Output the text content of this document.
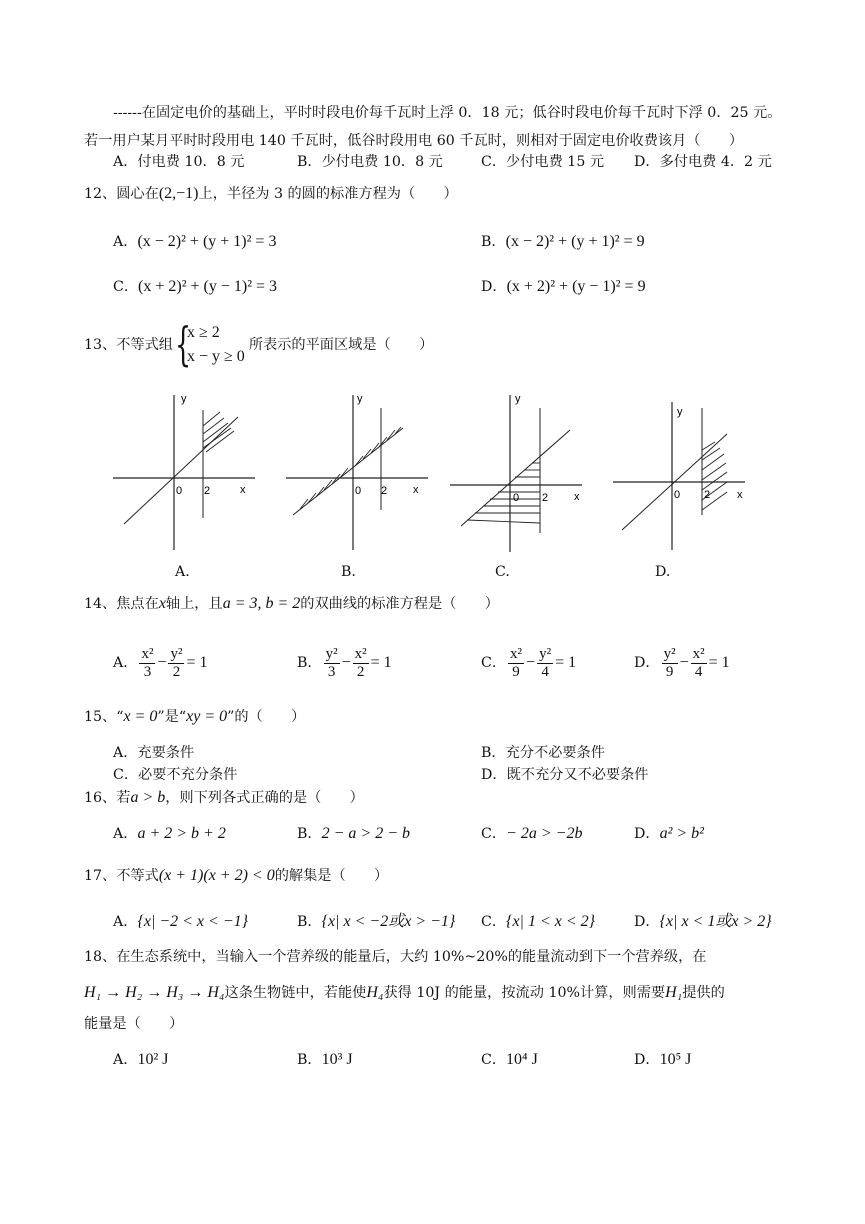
------在固定电价的基础上，平时时段电价每千瓦时上浮 0．18 元；低谷时段电价每千瓦时下浮 0．25 元。
若一用户某月平时时段用电 140 千瓦时，低谷时段用电 60 千瓦时，则相对于固定电价收费该月（　　）
A．付电费 10．8 元	B．少付电费 10．8 元	C．少付电费 15 元 D．多付电费 4．2 元
12、圆心在(2,−1)上，半径为 3 的圆的标准方程为（　　）
A．(x − 2)² + (y + 1)² = 3	B．(x − 2)² + (y + 1)² = 9
C．(x + 2)² + (y − 1)² = 3	D．(x + 2)² + (y − 1)² = 9
13、不等式组 {
x ≥ 2
x − y ≥ 0
所表示的平面区域是（　　）
y
x
0 2
y
x
0 2
y
x
0 2
y
x
0 2
A.	B.	C.	D.
14、焦点在x轴上，且a = 3, b = 2的双曲线的标准方程是（　　）
A． $\frac{\text{x²}}{3} - \frac{\text{y²}}{2} = 1$	B． $\frac{\text{y²}}{3} - \frac{\text{x²}}{2} = 1$	C． $\frac{\text{x²}}{9} - \frac{\text{y²}}{4} = 1$	D． $\frac{\text{y²}}{9} - \frac{\text{x²}}{4} = 1$
15、“x = 0”是“xy = 0”的（　　）
A．充要条件	B．充分不必要条件
C．必要不充分条件	D．既不充分又不必要条件
16、若a > b，则下列各式正确的是（　　）
A．a + 2 > b + 2	B．2 − a > 2 − b	C．− 2a > −2b	D．a² > b²
17、不等式(x + 1)(x + 2) < 0的解集是（　　）
A．{x| −2 < x < −1}	B．{x| x < −2或x > −1} C．{x| 1 < x < 2}	D．{x| x < 1或x > 2}
18、在生态系统中，当输入一个营养级的能量后，大约 10%~20%的能量流动到下一个营养级，在
H₁ → H₂ → H₃ → H₄这条生物链中，若能使H₄获得 10J 的能量，按流动 10%计算，则需要H₁提供的
能量是（　　）
A．10² J	B．10³ J	C．10⁴ J	D．10⁵ J
